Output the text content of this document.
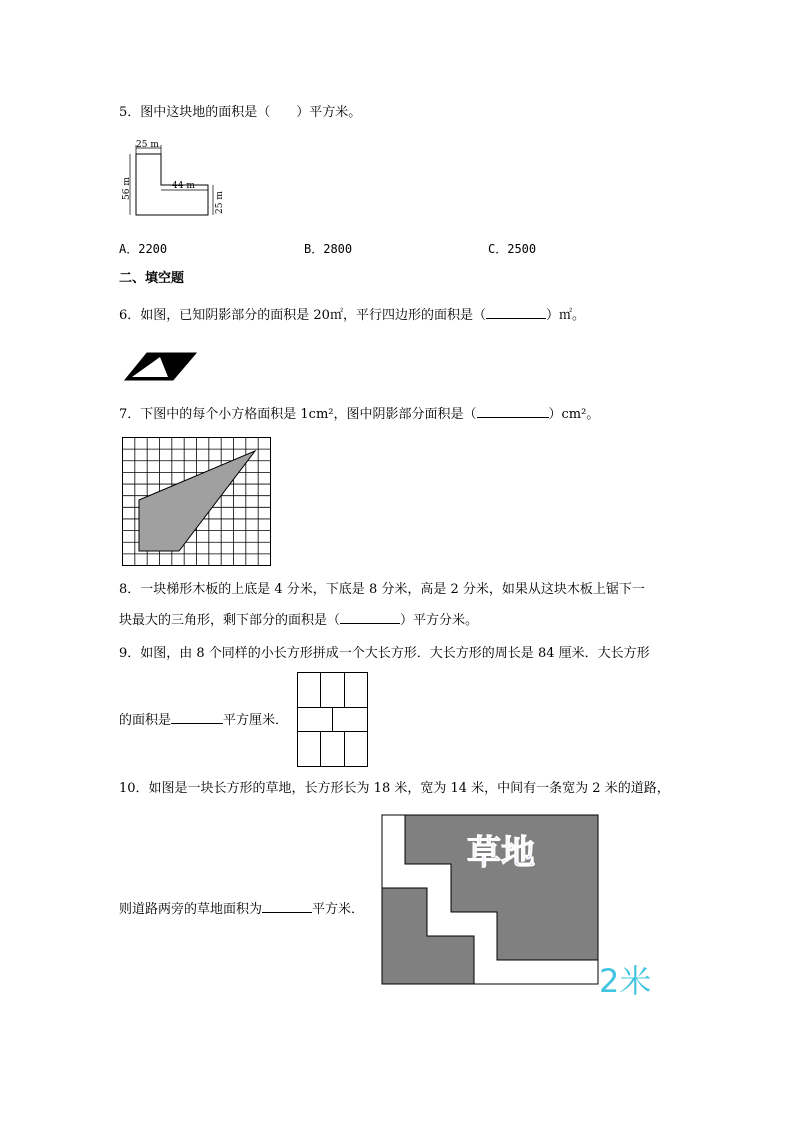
5．图中这块地的面积是（　　）平方米。
25 m
56 m	44 m
25 m
A．2200	B．2800	C．2500
二、填空题
6．如图，已知阴影部分的面积是 20㎡，平行四边形的面积是（	）㎡。
7．下图中的每个小方格面积是 1cm²，图中阴影部分面积是（	）cm²。
8．一块梯形木板的上底是 4 分米，下底是 8 分米，高是 2 分米，如果从这块木板上锯下一
块最大的三角形，剩下部分的面积是（	）平方分米。
9．如图，由 8 个同样的小长方形拼成一个大长方形．大长方形的周长是 84 厘米．大长方形
的面积是	平方厘米．
10．如图是一块长方形的草地，长方形长为 18 米，宽为 14 米，中间有一条宽为 2 米的道路，
草地
2米
则道路两旁的草地面积为	平方米．
